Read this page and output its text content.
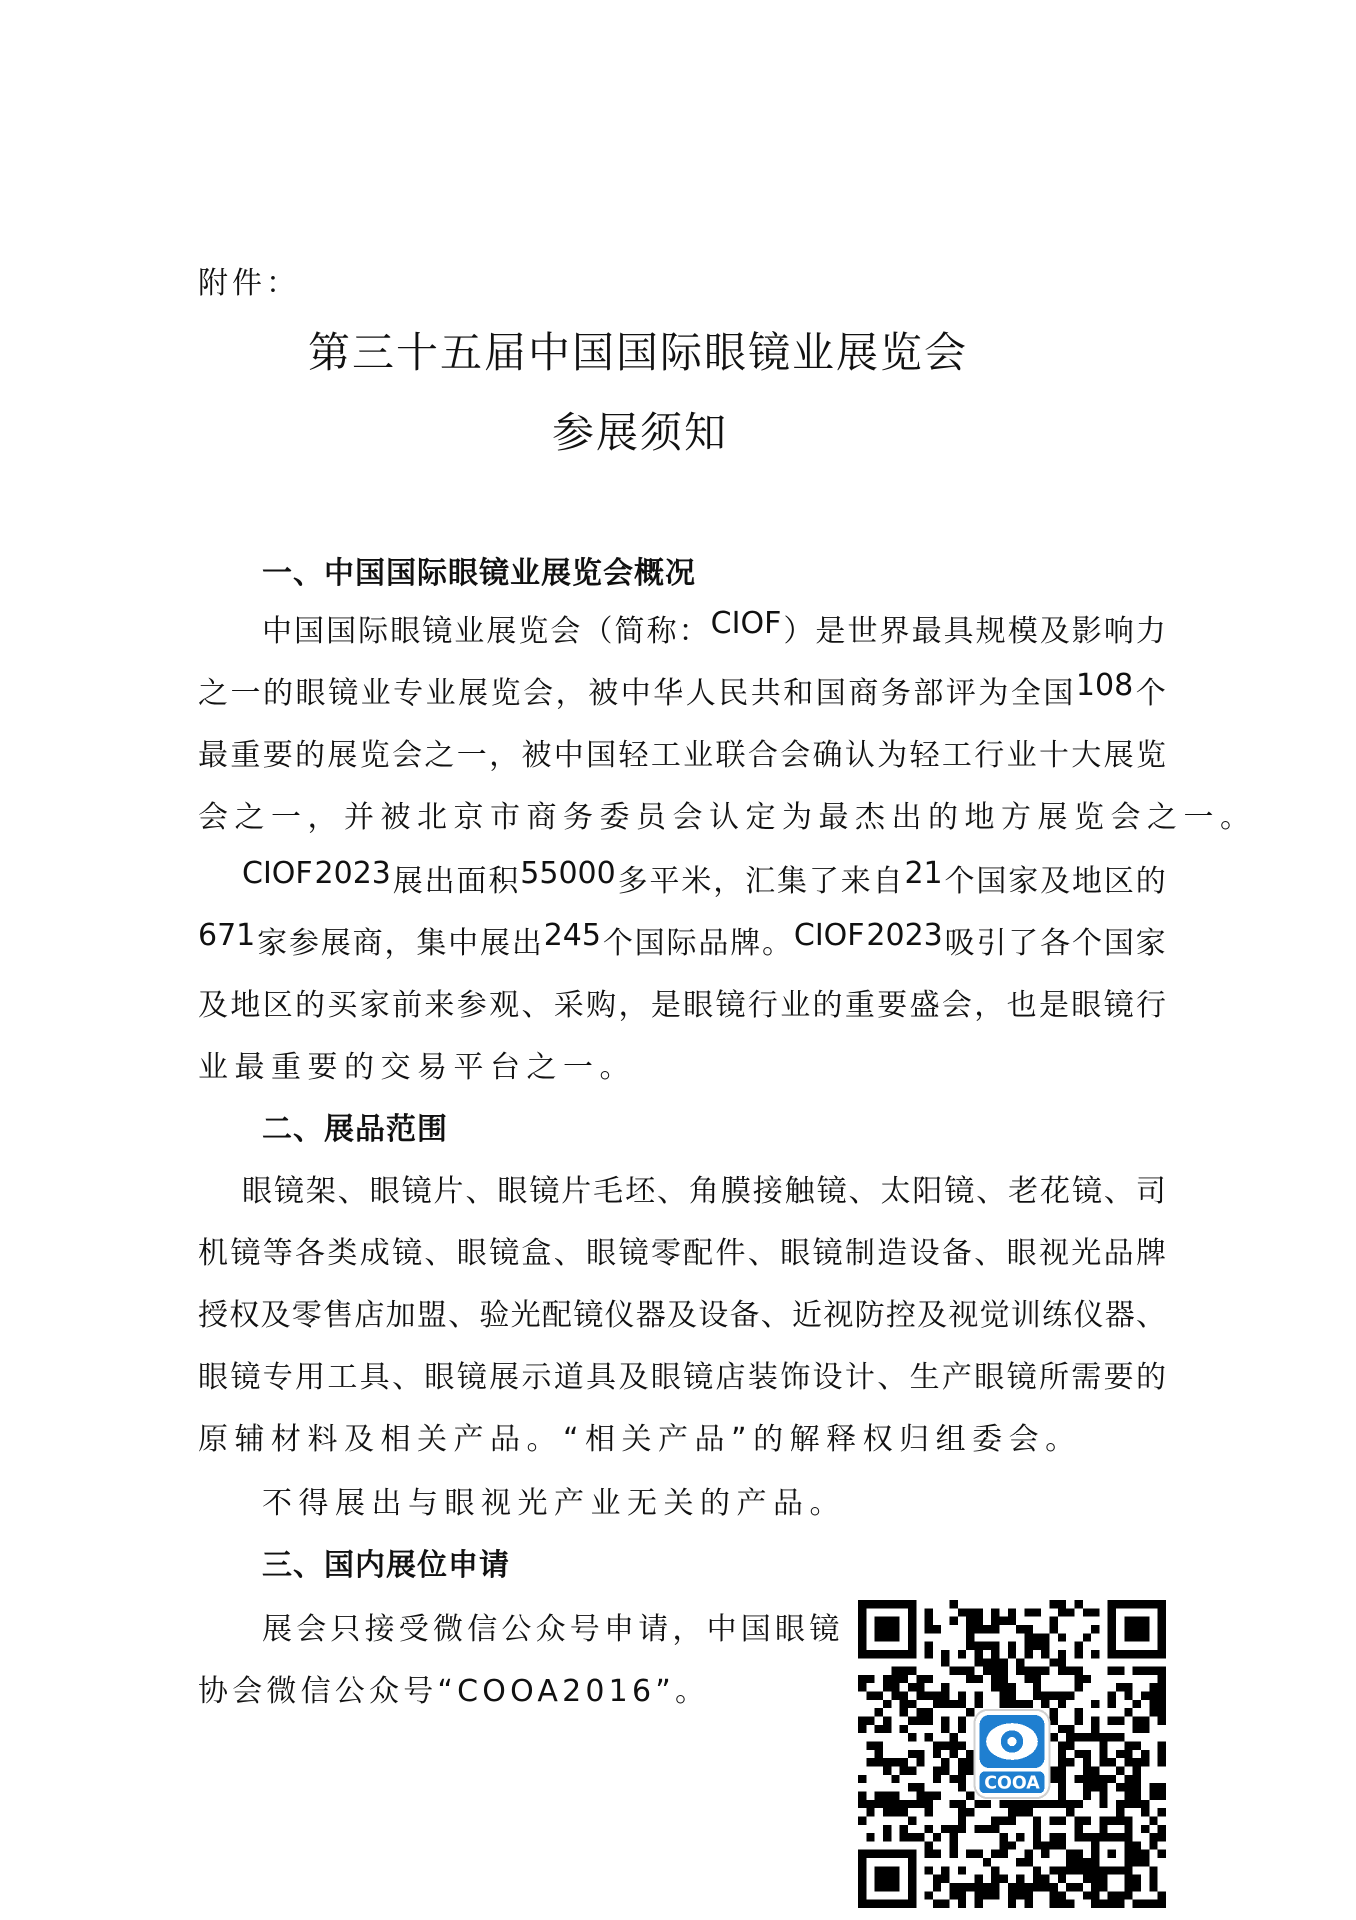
附件：
第三十五届中国国际眼镜业展览会
参展须知
一、中国国际眼镜业展览会概况
中 国 国 际 眼 镜 业 展 览 会 （ 简 称 ： CIOF ） 是 世 界 最 具 规 模 及 影 响 力
之 一 的 眼 镜 业 专 业 展 览 会 ， 被 中 华 人 民 共 和 国 商 务 部 评 为 全 国 108 个
最 重 要 的 展 览 会 之 一 ， 被 中 国 轻 工 业 联 合 会 确 认 为 轻 工 行 业 十 大 展 览
会之一，并被北京市商务委员会认定为最杰出的地方展览会之一。
CIOF 2023 展 出 面 积 55000 多 平 米 ， 汇 集 了 来 自 21 个 国 家 及 地 区 的
671 家 参 展 商 ， 集 中 展 出 245 个 国 际 品 牌 。 CIOF 2023 吸 引 了 各 个 国 家
及 地 区 的 买 家 前 来 参 观 、 采 购 ， 是 眼 镜 行 业 的 重 要 盛 会 ， 也 是 眼 镜 行
业最重要的交易平台之一。
二、展品范围
眼 镜 架 、 眼 镜 片 、 眼 镜 片 毛 坯 、 角 膜 接 触 镜 、 太 阳 镜 、 老 花 镜 、 司
机 镜 等 各 类 成 镜 、 眼 镜 盒 、 眼 镜 零 配 件 、 眼 镜 制 造 设 备 、 眼 视 光 品 牌
授 权 及 零 售 店 加 盟 、 验 光 配 镜 仪 器 及 设 备 、 近 视 防 控 及 视 觉 训 练 仪 器 、
眼 镜 专 用 工 具 、 眼 镜 展 示 道 具 及 眼 镜 店 装 饰 设 计 、 生 产 眼 镜 所 需 要 的
原辅材料及相关产品。“相关产品”的解释权归组委会。
不得展出与眼视光产业无关的产品。
三、国内展位申请
展会只接受微信公众号申请，中国眼镜
协会微信公众号“COOA2016”。
COOA
